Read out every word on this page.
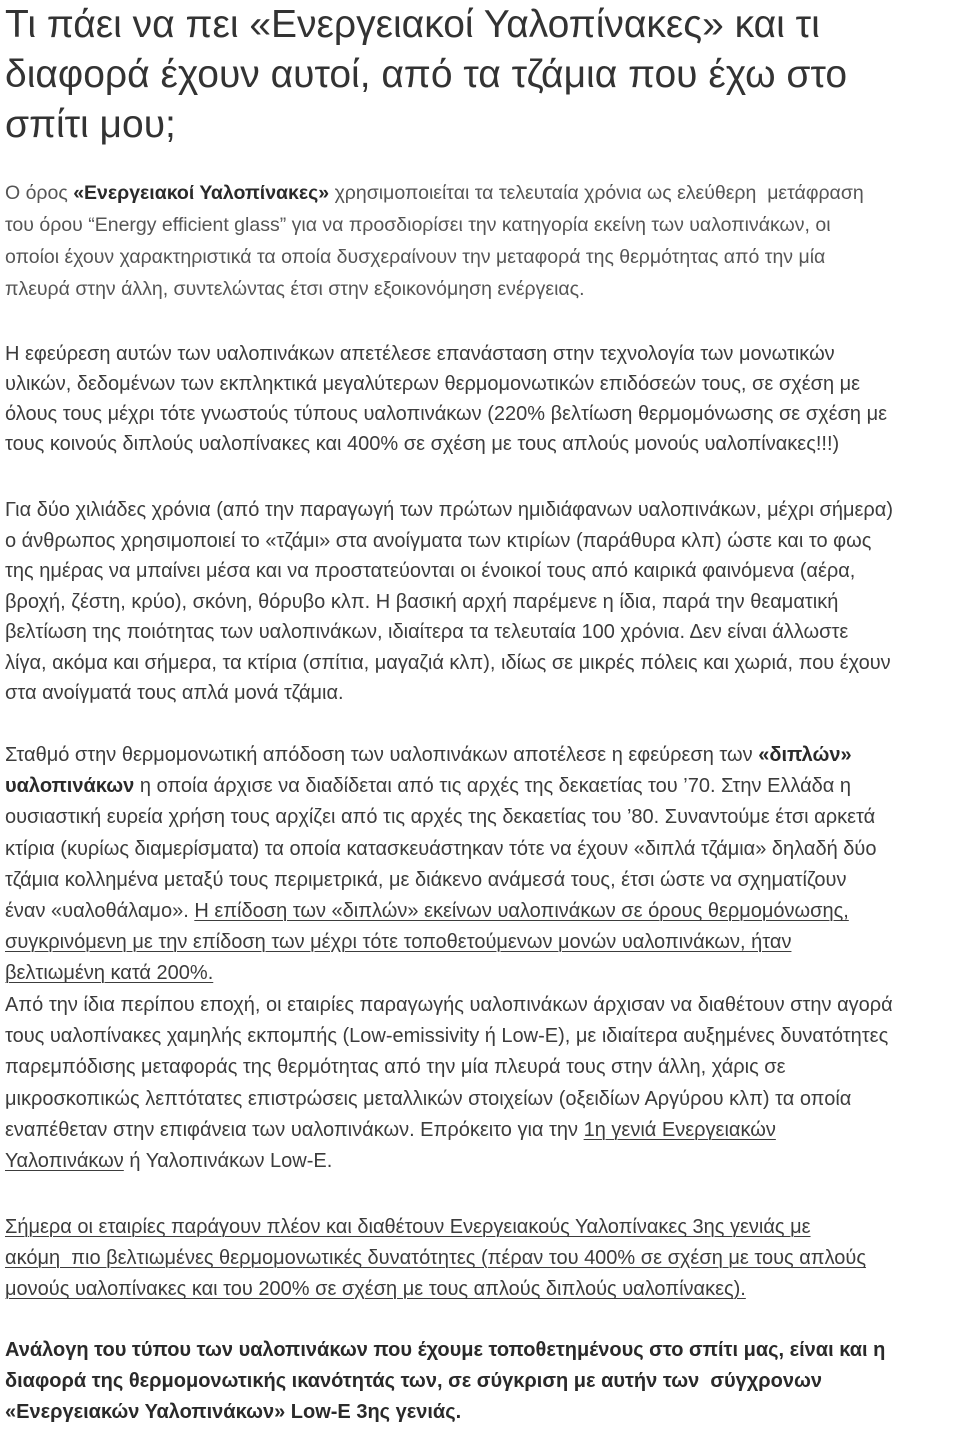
Τι πάει να πει «Ενεργειακοί Υαλοπίνακες» και τι
διαφορά έχουν αυτοί, από τα τζάμια που έχω στο
σπίτι μου;
Ο όρος «Ενεργειακοί Υαλοπίνακες» χρησιμοποιείται τα τελευταία χρόνια ως ελεύθερη  μετάφραση
του όρου “Energy efficient glass” για να προσδιορίσει την κατηγορία εκείνη των υαλοπινάκων, οι
οποίοι έχουν χαρακτηριστικά τα οποία δυσχεραίνουν την μεταφορά της θερμότητας από την μία
πλευρά στην άλλη, συντελώντας έτσι στην εξοικονόμηση ενέργειας.
Η εφεύρεση αυτών των υαλοπινάκων απετέλεσε επανάσταση στην τεχνολογία των μονωτικών
υλικών, δεδομένων των εκπληκτικά μεγαλύτερων θερμομονωτικών επιδόσεών τους, σε σχέση με
όλους τους μέχρι τότε γνωστούς τύπους υαλοπινάκων (220% βελτίωση θερμομόνωσης σε σχέση με
τους κοινούς διπλούς υαλοπίνακες και 400% σε σχέση με τους απλούς μονούς υαλοπίνακες!!!)
Για δύο χιλιάδες χρόνια (από την παραγωγή των πρώτων ημιδιάφανων υαλοπινάκων, μέχρι σήμερα)
ο άνθρωπος χρησιμοποιεί το «τζάμι» στα ανοίγματα των κτιρίων (παράθυρα κλπ) ώστε και το φως
της ημέρας να μπαίνει μέσα και να προστατεύονται οι ένοικοί τους από καιρικά φαινόμενα (αέρα,
βροχή, ζέστη, κρύο), σκόνη, θόρυβο κλπ. Η βασική αρχή παρέμενε η ίδια, παρά την θεαματική
βελτίωση της ποιότητας των υαλοπινάκων, ιδιαίτερα τα τελευταία 100 χρόνια. Δεν είναι άλλωστε
λίγα, ακόμα και σήμερα, τα κτίρια (σπίτια, μαγαζιά κλπ), ιδίως σε μικρές πόλεις και χωριά, που έχουν
στα ανοίγματά τους απλά μονά τζάμια.
Σταθμό στην θερμομονωτική απόδοση των υαλοπινάκων αποτέλεσε η εφεύρεση των «διπλών»
υαλοπινάκων η οποία άρχισε να διαδίδεται από τις αρχές της δεκαετίας του ’70. Στην Ελλάδα η
ουσιαστική ευρεία χρήση τους αρχίζει από τις αρχές της δεκαετίας του ’80. Συναντούμε έτσι αρκετά
κτίρια (κυρίως διαμερίσματα) τα οποία κατασκευάστηκαν τότε να έχουν «διπλά τζάμια» δηλαδή δύο
τζάμια κολλημένα μεταξύ τους περιμετρικά, με διάκενο ανάμεσά τους, έτσι ώστε να σχηματίζουν
έναν «υαλοθάλαμο». Η επίδοση των «διπλών» εκείνων υαλοπινάκων σε όρους θερμομόνωσης,
συγκρινόμενη με την επίδοση των μέχρι τότε τοποθετούμενων μονών υαλοπινάκων, ήταν
βελτιωμένη κατά 200%.
Από την ίδια περίπου εποχή, οι εταιρίες παραγωγής υαλοπινάκων άρχισαν να διαθέτουν στην αγορά
τους υαλοπίνακες χαμηλής εκπομπής (Low-emissivity ή Low-E), με ιδιαίτερα αυξημένες δυνατότητες
παρεμπόδισης μεταφοράς της θερμότητας από την μία πλευρά τους στην άλλη, χάρις σε
μικροσκοπικώς λεπτότατες επιστρώσεις μεταλλικών στοιχείων (οξειδίων Αργύρου κλπ) τα οποία
εναπέθεταν στην επιφάνεια των υαλοπινάκων. Επρόκειτο για την 1η γενιά Ενεργειακών
Υαλοπινάκων ή Υαλοπινάκων Low-E.
Σήμερα οι εταιρίες παράγουν πλέον και διαθέτουν Ενεργειακούς Υαλοπίνακες 3ης γενιάς με
ακόμη  πιο βελτιωμένες θερμομονωτικές δυνατότητες (πέραν του 400% σε σχέση με τους απλούς
μονούς υαλοπίνακες και του 200% σε σχέση με τους απλούς διπλούς υαλοπίνακες).
Ανάλογη του τύπου των υαλοπινάκων που έχουμε τοποθετημένους στο σπίτι μας, είναι και η
διαφορά της θερμομονωτικής ικανότητάς των, σε σύγκριση με αυτήν των  σύγχρονων
«Ενεργειακών Υαλοπινάκων» Low-E 3ης γενιάς.
